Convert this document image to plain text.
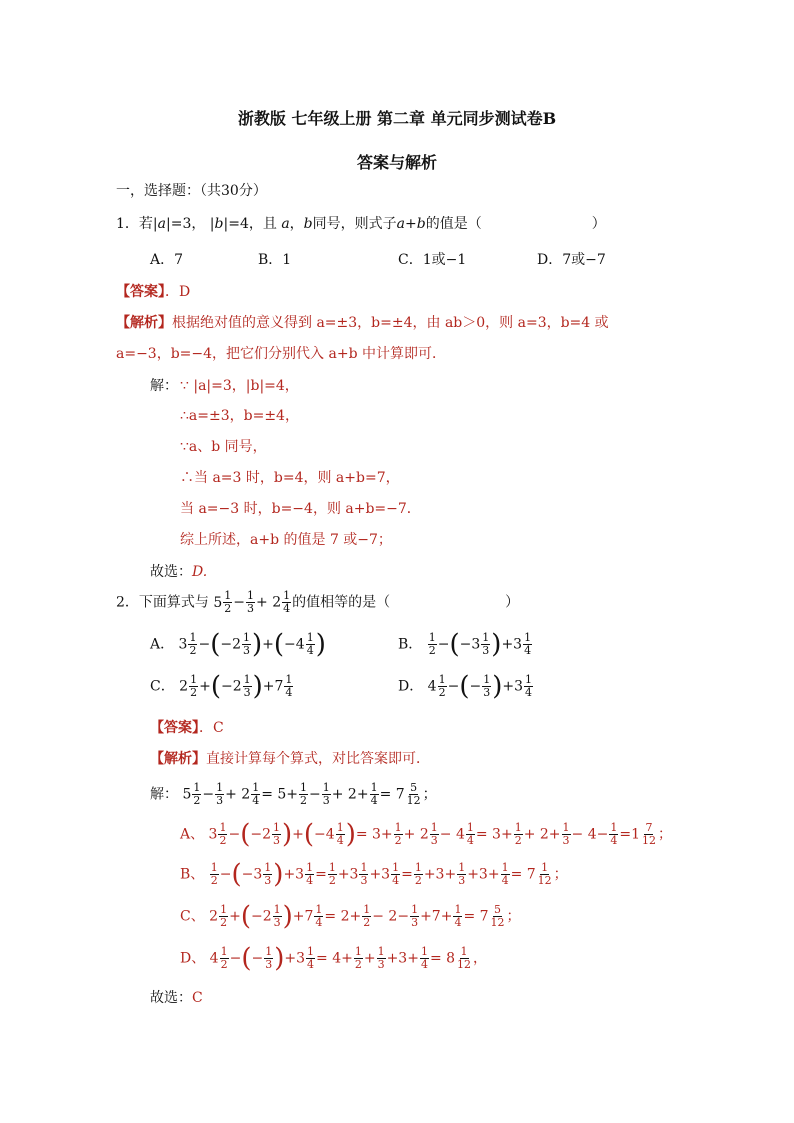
浙教版 七年级上册 第二章 单元同步测试卷B
答案与解析
一，选择题：（共30分）
1．若|a|=3， |b|=4，且 a，b同号，则式子a+b的值是（	）
A．7	B．1	C．1或−1	D．7或−7
【答案】．D
【解析】根据绝对值的意义得到 a=±3，b=±4，由 ab＞0，则 a=3，b=4 或
a=−3，b=−4，把它们分别代入 a+b 中计算即可．
解： ∵ |a|=3，|b|=4，
∴a=±3，b=±4，
∵a、b 同号，
∴当 a=3 时，b=4，则 a+b=7，
当 a=−3 时，b=−4，则 a+b=−7．
综上所述，a+b 的值是 7 或−7；
故选：D.
2．下面算式与 $5 \frac{1}{2} - \frac{1}{3} + 2 \frac{1}{4}$ 的值相等的是（	）
A． $3 \frac{1}{2} -(-2 \frac{1}{3} )+(-4 \frac{1}{4}$ )	B． $\frac{1}{2} -(-3 \frac{1}{3} )+3 \frac{1}{4}$
C． $2 \frac{1}{2} +(-2 \frac{1}{3} )+7 \frac{1}{4}$	D． $4 \frac{1}{2}$ −(− $\frac{1}{3} )+3 \frac{1}{4}$
【答案】．C
【解析】直接计算每个算式，对比答案即可．
解： $5 \frac{1}{2} - \frac{1}{3} + 2 \frac{1}{4} = 5+ \frac{1}{2} - \frac{1}{3} + 2+ \frac{1}{4} = 7 \frac{5}{12}$ ；
A、 $3 \frac{1}{2} -(-2 \frac{1}{3} )+(-4 \frac{1}{4}$ )= $3+ \frac{1}{2} + 2 \frac{1}{3} - 4 \frac{1}{4} = 3+ \frac{1}{2} + 2+ \frac{1}{3} - 4- \frac{1}{4} =1 \frac{7}{12}$ ；
B、 $\frac{1}{2} -(-3 \frac{1}{3} )+3 \frac{1}{4} = \frac{1}{2} +3 \frac{1}{3} +3 \frac{1}{4} = \frac{1}{2} +3+ \frac{1}{3} +3+ \frac{1}{4} = 7 \frac{1}{12}$ ；
C、 $2 \frac{1}{2} +(-2 \frac{1}{3} )+7 \frac{1}{4} = 2+ \frac{1}{2} - 2- \frac{1}{3} +7+ \frac{1}{4} = 7 \frac{5}{12}$ ；
D、 $4 \frac{1}{2}$ −(− $\frac{1}{3} )+3 \frac{1}{4} = 4+ \frac{1}{2} + \frac{1}{3} +3+ \frac{1}{4} = 8 \frac{1}{12}$ ，
故选：C
